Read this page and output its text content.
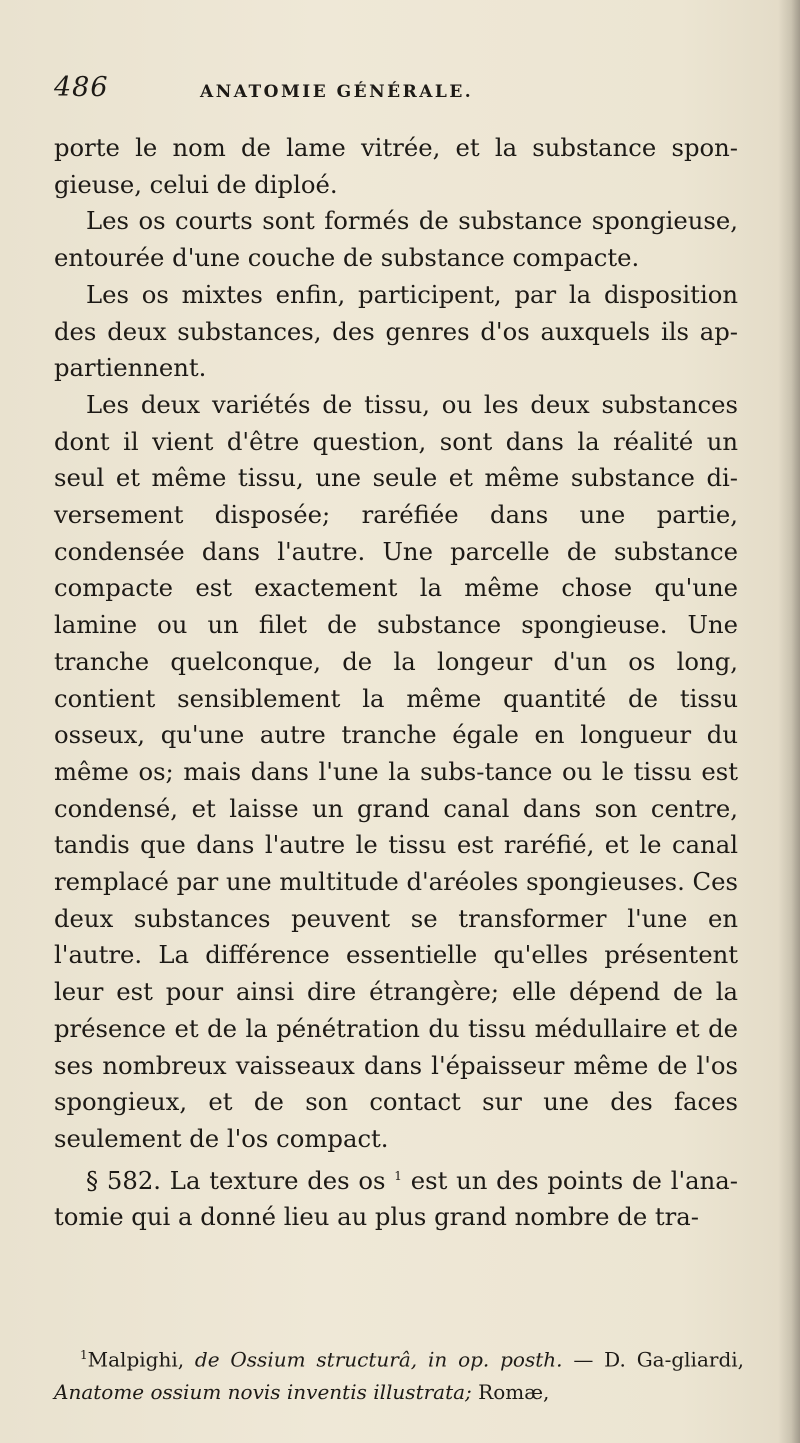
486	ANATOMIE GÉNÉRALE.

porte le nom de lame vitrée, et la substance spon-gieuse, celui de diploé.

Les os courts sont formés de substance spongieuse, entourée d'une couche de substance compacte.

Les os mixtes enfin, participent, par la disposition des deux substances, des genres d'os auxquels ils ap-partiennent.

Les deux variétés de tissu, ou les deux substances dont il vient d'être question, sont dans la réalité un seul et même tissu, une seule et même substance di-versement disposée; raréfiée dans une partie, condensée dans l'autre. Une parcelle de substance compacte est exactement la même chose qu'une lamine ou un filet de substance spongieuse. Une tranche quelconque, de la longeur d'un os long, contient sensiblement la même quantité de tissu osseux, qu'une autre tranche égale en longueur du même os; mais dans l'une la subs-tance ou le tissu est condensé, et laisse un grand canal dans son centre, tandis que dans l'autre le tissu est raréfié, et le canal remplacé par une multitude d'aréoles spongieuses. Ces deux substances peuvent se transformer l'une en l'autre. La différence essentielle qu'elles présentent leur est pour ainsi dire étrangère; elle dépend de la présence et de la pénétration du tissu médullaire et de ses nombreux vaisseaux dans l'épaisseur même de l'os spongieux, et de son contact sur une des faces seulement de l'os compact.

§ 582. La texture des os $^1$ est un des points de l'ana-tomie qui a donné lieu au plus grand nombre de tra-

$^1$Malpighi, de Ossium structurâ, in op. posth. — D. Ga-gliardi, Anatome ossium novis inventis illustrata; Romæ,
